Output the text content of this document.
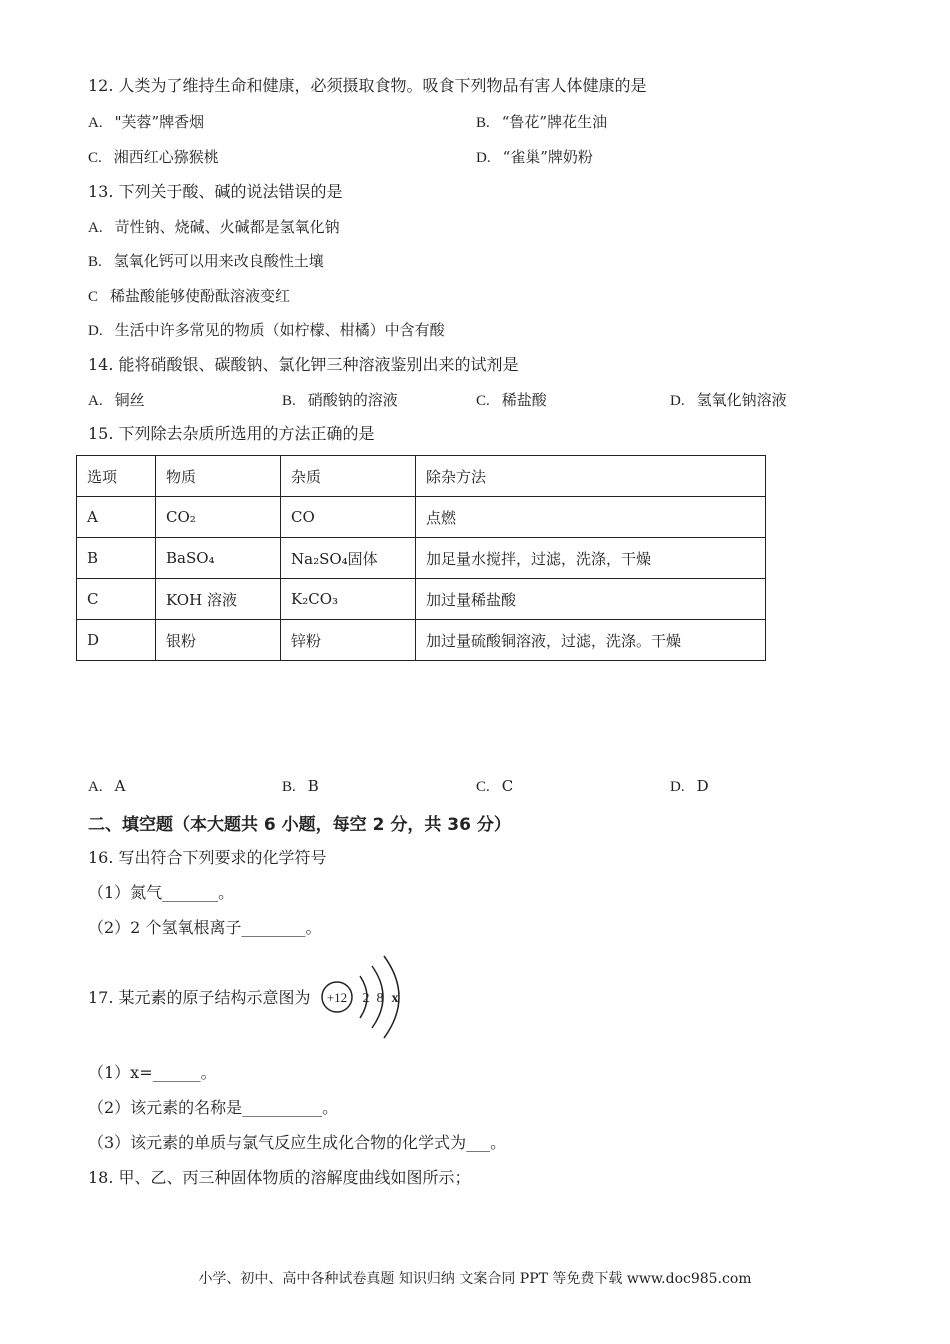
12. 人类为了维持生命和健康，必须摄取食物。吸食下列物品有害人体健康的是
A. "芙蓉”牌香烟	B. “鲁花”牌花生油
C. 湘西红心猕猴桃	D. “雀巢”牌奶粉
13. 下列关于酸、碱的说法错误的是
A. 苛性钠、烧碱、火碱都是氢氧化钠
B. 氢氧化钙可以用来改良酸性土壤
C 稀盐酸能够使酚酞溶液变红
D. 生活中许多常见的物质（如柠檬、柑橘）中含有酸
14. 能将硝酸银、碳酸钠、氯化钾三种溶液鉴别出来的试剂是
A. 铜丝	B. 硝酸钠的溶液	C. 稀盐酸	D. 氢氧化钠溶液
15. 下列除去杂质所选用的方法正确的是
选项	物质	杂质	除杂方法
A	CO₂	CO	点燃
B	BaSO₄	Na₂SO₄固体	加足量水搅拌，过滤，洗涤，干燥
C	KOH 溶液	K₂CO₃	加过量稀盐酸
D	银粉	锌粉	加过量硫酸铜溶液，过滤，洗涤。干燥
A. A	B. B	C. C	D. D
二、填空题（本大题共 6 小题，每空 2 分，共 36 分）
16. 写出符合下列要求的化学符号
（1）氮气_______。
（2）2 个氢氧根离子________。
17. 某元素的原子结构示意图为 +12 2 8 x
（1）x=______。
（2）该元素的名称是__________。
（3）该元素的单质与氯气反应生成化合物的化学式为___。
18. 甲、乙、丙三种固体物质的溶解度曲线如图所示；
小学、初中、高中各种试卷真题 知识归纳 文案合同 PPT 等免费下载 www.doc985.com
